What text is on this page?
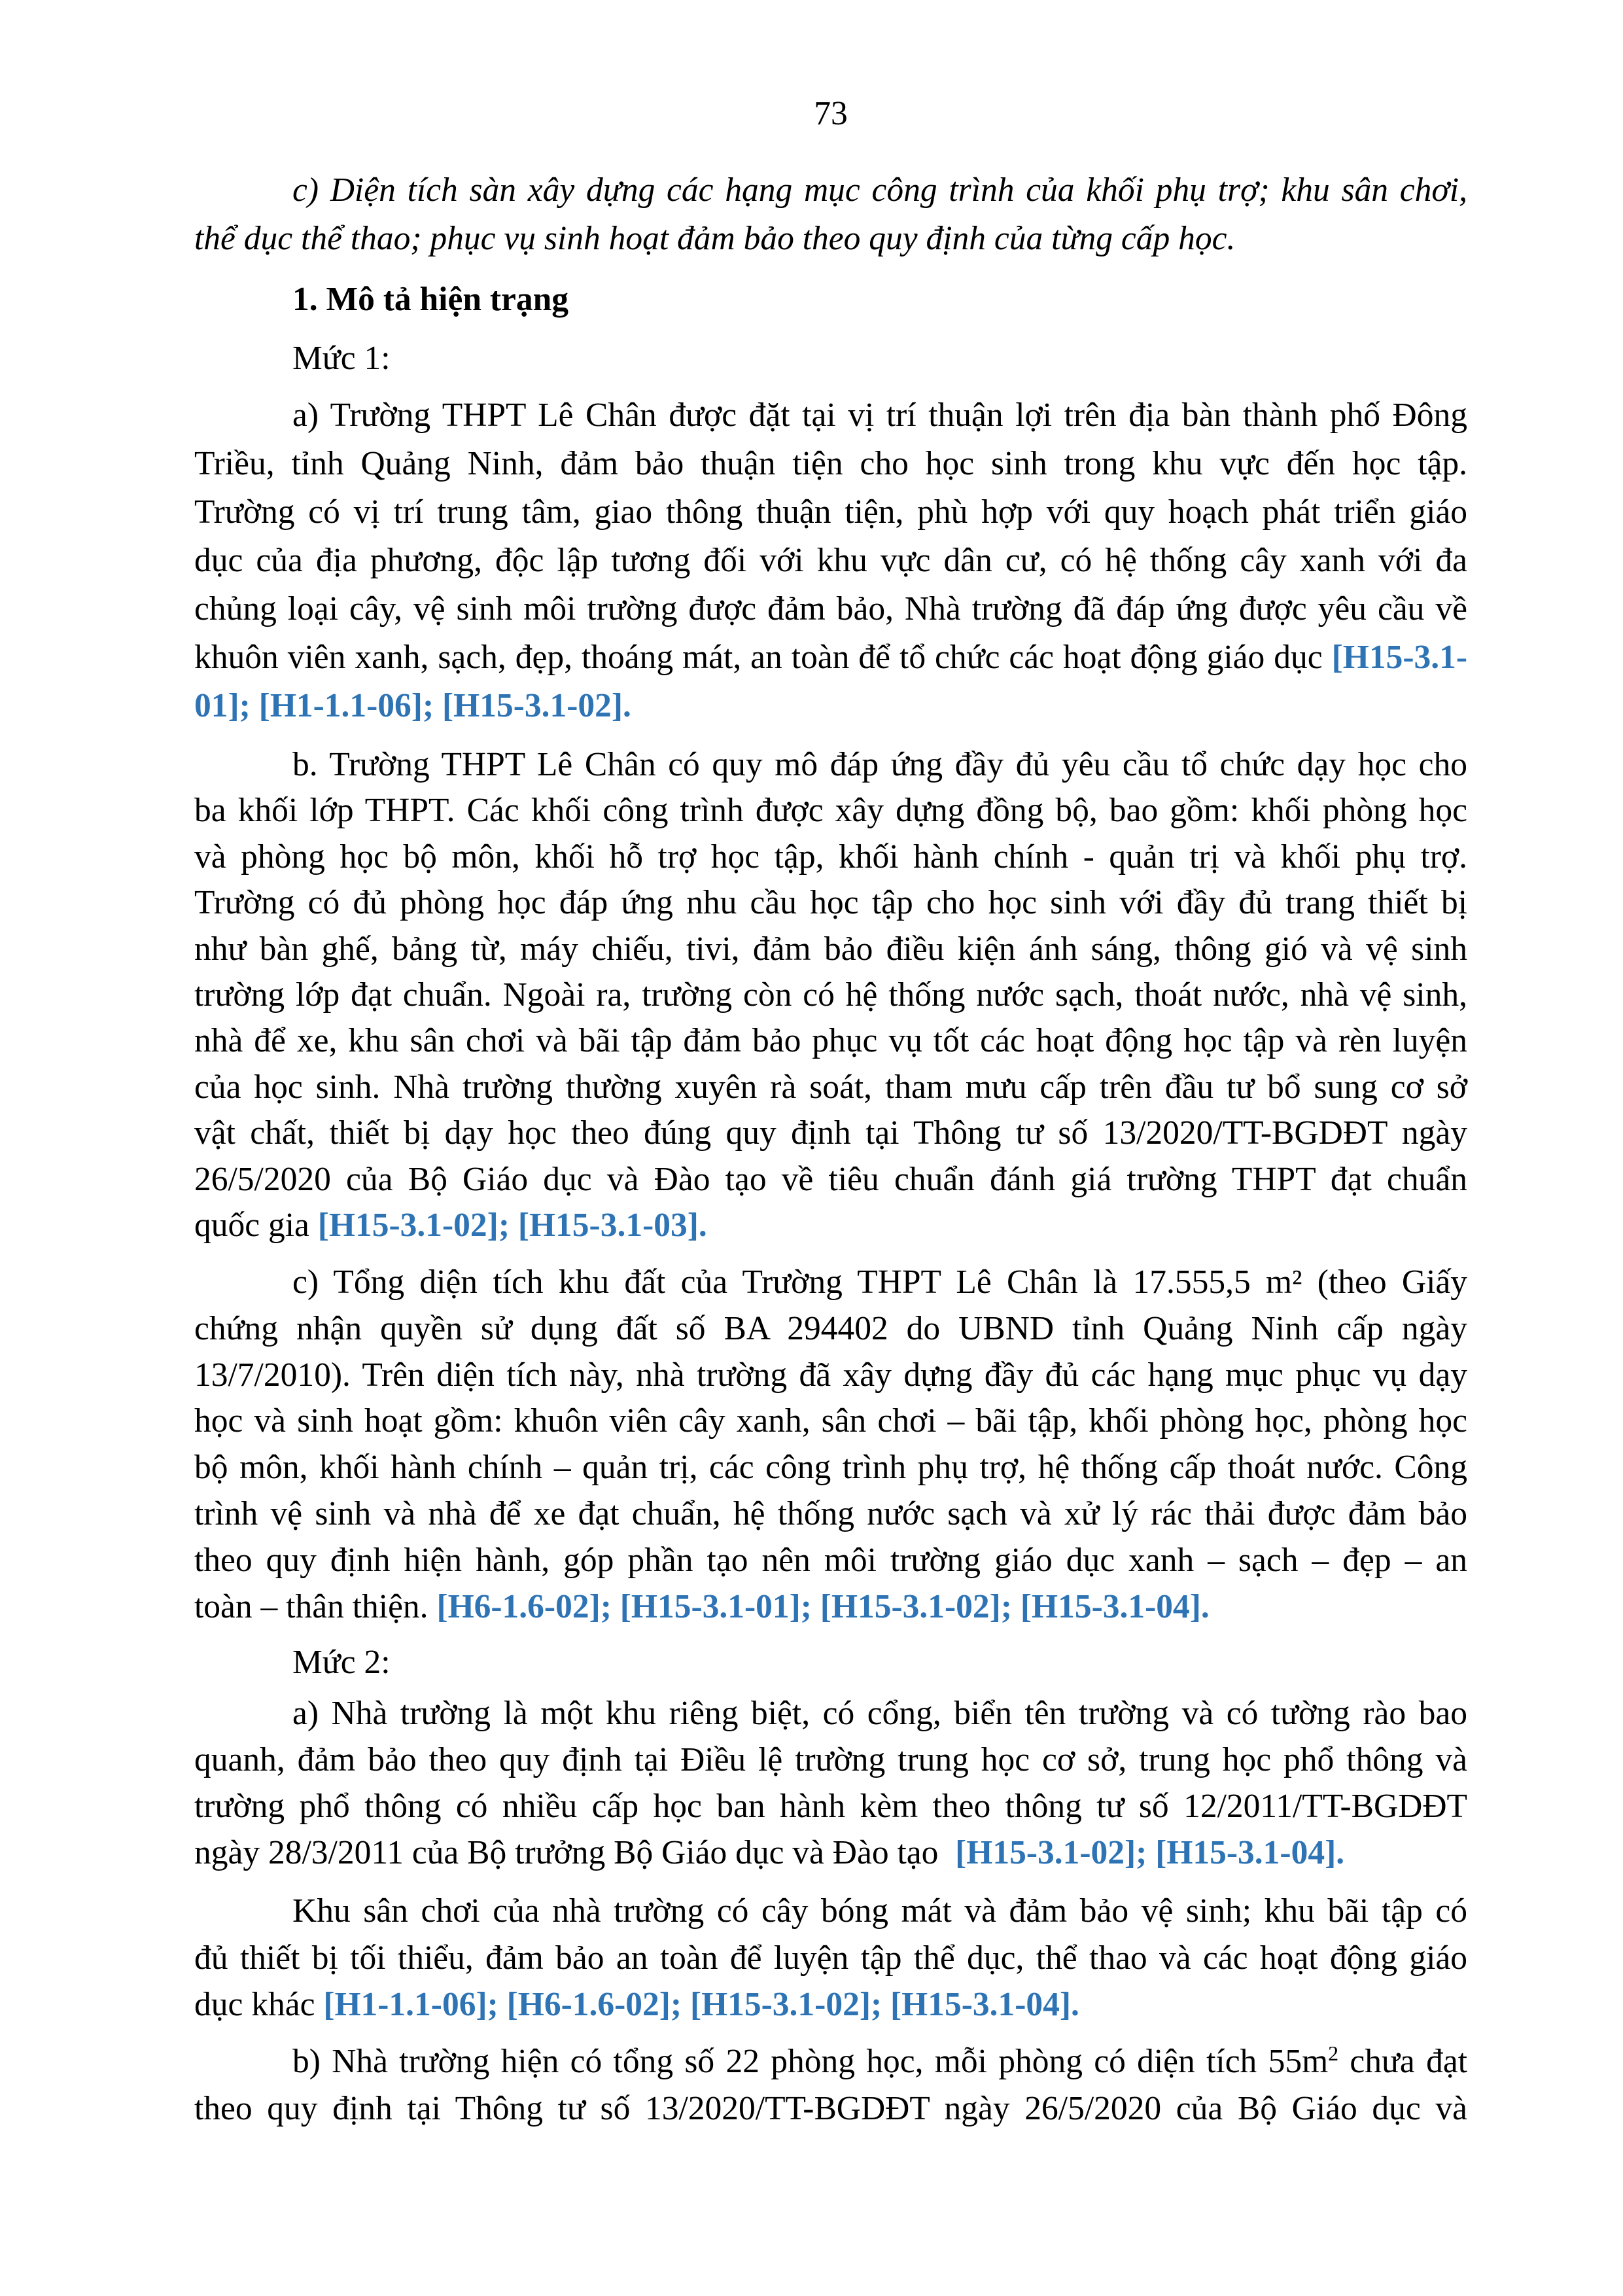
73
c) Diện tích sàn xây dựng các hạng mục công trình của khối phụ trợ; khu sân chơi,
thể dục thể thao; phục vụ sinh hoạt đảm bảo theo quy định của từng cấp học.
1. Mô tả hiện trạng
Mức 1:
a) Trường THPT Lê Chân được đặt tại vị trí thuận lợi trên địa bàn thành phố Đông
Triều, tỉnh Quảng Ninh, đảm bảo thuận tiện cho học sinh trong khu vực đến học tập.
Trường có vị trí trung tâm, giao thông thuận tiện, phù hợp với quy hoạch phát triển giáo
dục của địa phương, độc lập tương đối với khu vực dân cư, có hệ thống cây xanh với đa
chủng loại cây, vệ sinh môi trường được đảm bảo, Nhà trường đã đáp ứng được yêu cầu về
khuôn viên xanh, sạch, đẹp, thoáng mát, an toàn để tổ chức các hoạt động giáo dục [H15-3.1-
01]; [H1-1.1-06]; [H15-3.1-02].
b. Trường THPT Lê Chân có quy mô đáp ứng đầy đủ yêu cầu tổ chức dạy học cho
ba khối lớp THPT. Các khối công trình được xây dựng đồng bộ, bao gồm: khối phòng học
và phòng học bộ môn, khối hỗ trợ học tập, khối hành chính - quản trị và khối phụ trợ.
Trường có đủ phòng học đáp ứng nhu cầu học tập cho học sinh với đầy đủ trang thiết bị
như bàn ghế, bảng từ, máy chiếu, tivi, đảm bảo điều kiện ánh sáng, thông gió và vệ sinh
trường lớp đạt chuẩn. Ngoài ra, trường còn có hệ thống nước sạch, thoát nước, nhà vệ sinh,
nhà để xe, khu sân chơi và bãi tập đảm bảo phục vụ tốt các hoạt động học tập và rèn luyện
của học sinh. Nhà trường thường xuyên rà soát, tham mưu cấp trên đầu tư bổ sung cơ sở
vật chất, thiết bị dạy học theo đúng quy định tại Thông tư số 13/2020/TT-BGDĐT ngày
26/5/2020 của Bộ Giáo dục và Đào tạo về tiêu chuẩn đánh giá trường THPT đạt chuẩn
quốc gia [H15-3.1-02]; [H15-3.1-03].
c) Tổng diện tích khu đất của Trường THPT Lê Chân là 17.555,5 m² (theo Giấy
chứng nhận quyền sử dụng đất số BA 294402 do UBND tỉnh Quảng Ninh cấp ngày
13/7/2010). Trên diện tích này, nhà trường đã xây dựng đầy đủ các hạng mục phục vụ dạy
học và sinh hoạt gồm: khuôn viên cây xanh, sân chơi – bãi tập, khối phòng học, phòng học
bộ môn, khối hành chính – quản trị, các công trình phụ trợ, hệ thống cấp thoát nước. Công
trình vệ sinh và nhà để xe đạt chuẩn, hệ thống nước sạch và xử lý rác thải được đảm bảo
theo quy định hiện hành, góp phần tạo nên môi trường giáo dục xanh – sạch – đẹp – an
toàn – thân thiện. [H6-1.6-02]; [H15-3.1-01]; [H15-3.1-02]; [H15-3.1-04].
Mức 2:
a) Nhà trường là một khu riêng biệt, có cổng, biển tên trường và có tường rào bao
quanh, đảm bảo theo quy định tại Điều lệ trường trung học cơ sở, trung học phổ thông và
trường phổ thông có nhiều cấp học ban hành kèm theo thông tư số 12/2011/TT-BGDĐT
ngày 28/3/2011 của Bộ trưởng Bộ Giáo dục và Đào tạo [H15-3.1-02]; [H15-3.1-04].
Khu sân chơi của nhà trường có cây bóng mát và đảm bảo vệ sinh; khu bãi tập có
đủ thiết bị tối thiểu, đảm bảo an toàn để luyện tập thể dục, thể thao và các hoạt động giáo
dục khác [H1-1.1-06]; [H6-1.6-02]; [H15-3.1-02]; [H15-3.1-04].
b) Nhà trường hiện có tổng số 22 phòng học, mỗi phòng có diện tích $55m^2$ chưa đạt
theo quy định tại Thông tư số 13/2020/TT-BGDĐT ngày 26/5/2020 của Bộ Giáo dục và
